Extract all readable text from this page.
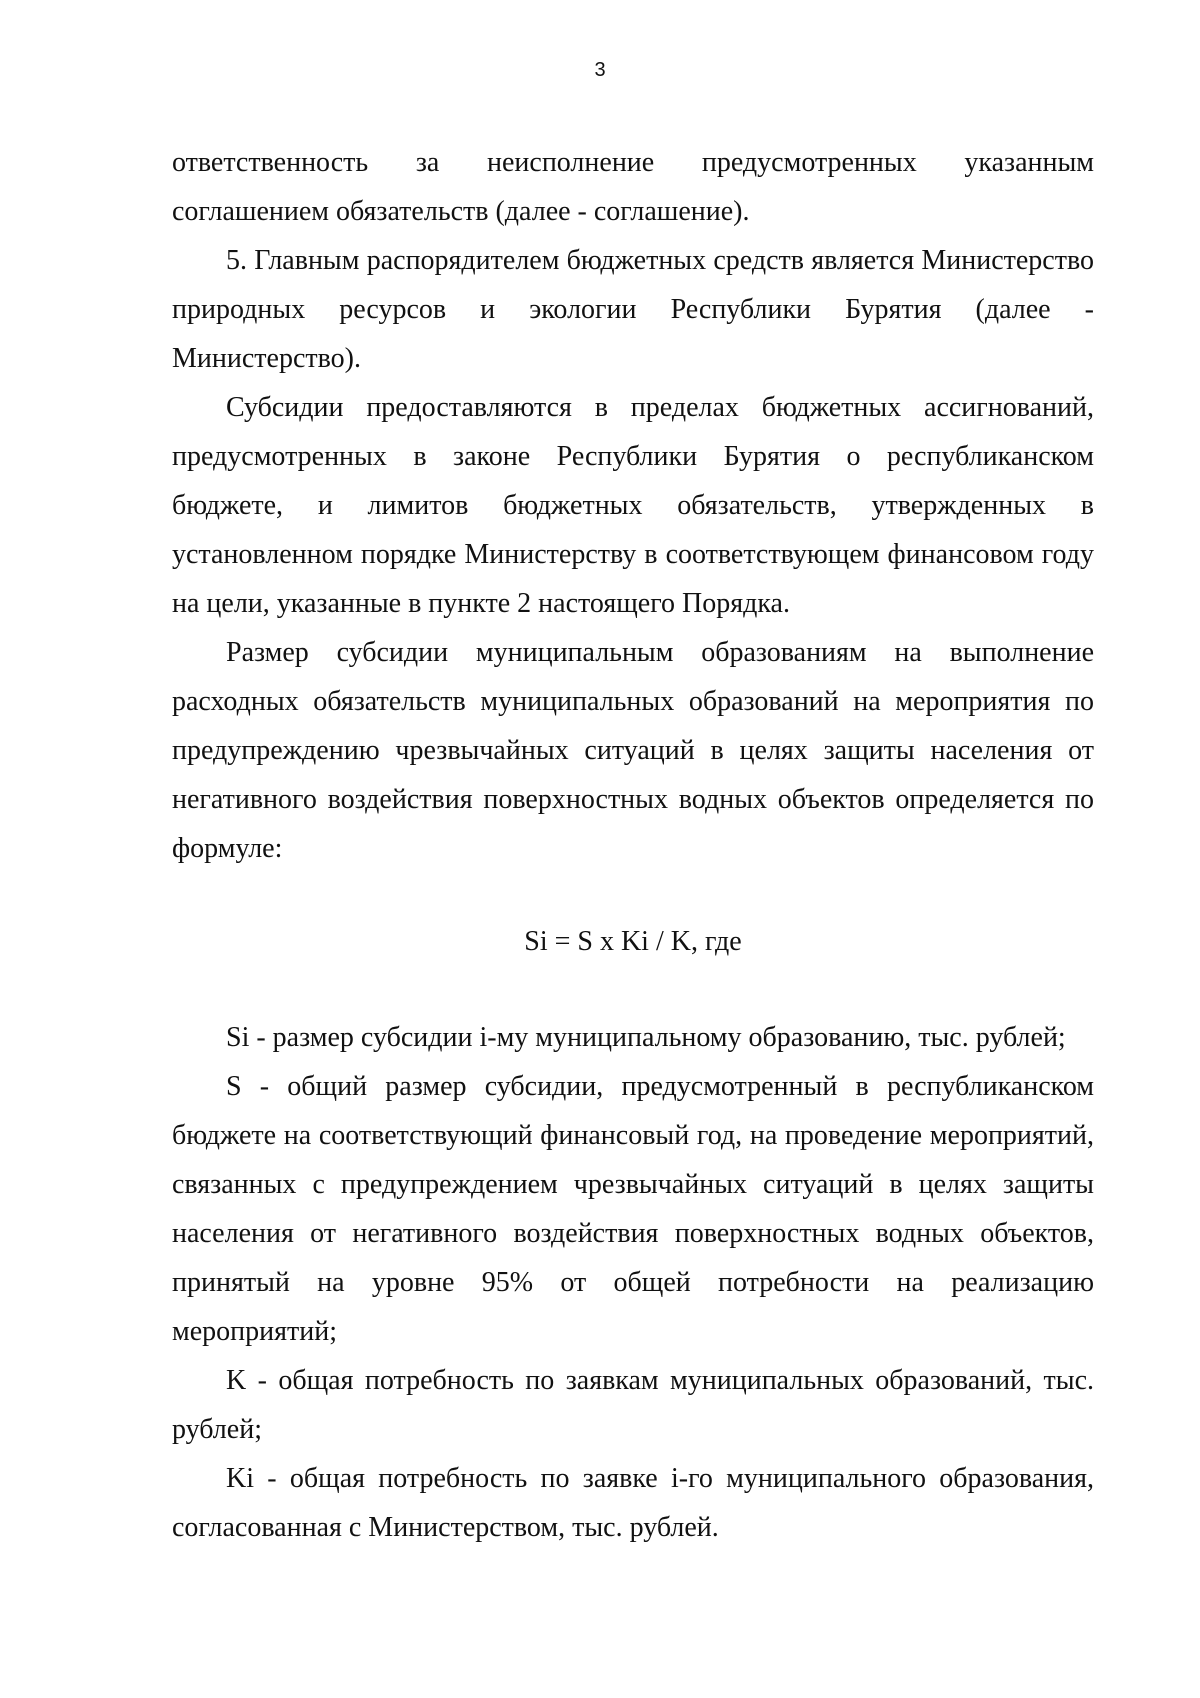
3

ответственность за неисполнение предусмотренных указанным соглашением обязательств (далее - соглашение).

5. Главным распорядителем бюджетных средств является Министерство природных ресурсов и экологии Республики Бурятия (далее - Министерство).

Субсидии предоставляются в пределах бюджетных ассигнований, предусмотренных в законе Республики Бурятия о республиканском бюджете, и лимитов бюджетных обязательств, утвержденных в установленном порядке Министерству в соответствующем финансовом году на цели, указанные в пункте 2 настоящего Порядка.

Размер субсидии муниципальным образованиям на выполнение расходных обязательств муниципальных образований на мероприятия по предупреждению чрезвычайных ситуаций в целях защиты населения от негативного воздействия поверхностных водных объектов определяется по формуле:

Si = S x Ki / K, где

Si - размер субсидии i-му муниципальному образованию, тыс. рублей;

S - общий размер субсидии, предусмотренный в республиканском бюджете на соответствующий финансовый год, на проведение мероприятий, связанных с предупреждением чрезвычайных ситуаций в целях защиты населения от негативного воздействия поверхностных водных объектов, принятый на уровне 95% от общей потребности на реализацию мероприятий;

K - общая потребность по заявкам муниципальных образований, тыс. рублей;

Ki - общая потребность по заявке i-го муниципального образования, согласованная с Министерством, тыс. рублей.
